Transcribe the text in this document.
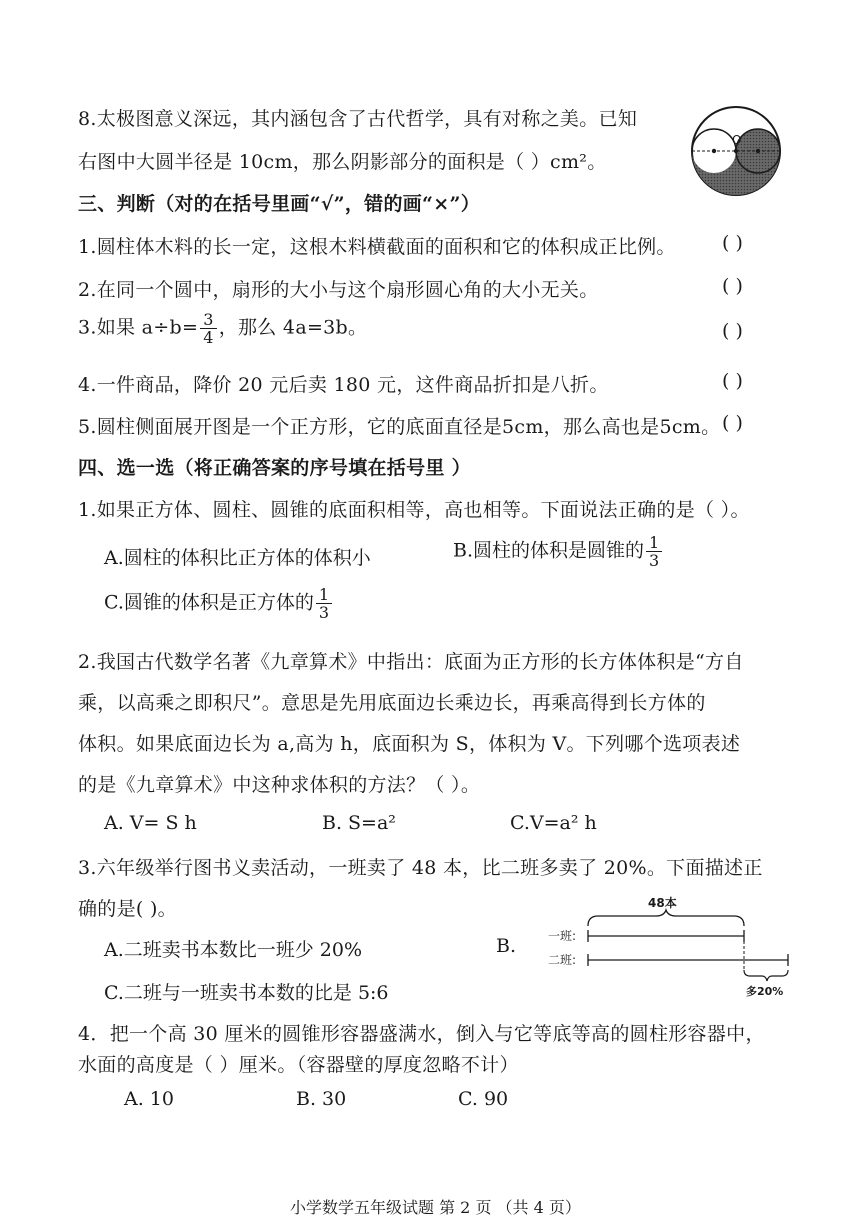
8.太极图意义深远，其内涵包含了古代哲学，具有对称之美。已知
右图中大圆半径是 10cm，那么阴影部分的面积是（ ）cm²。
O
三、判断（对的在括号里画“√”，错的画“×”）
1.圆柱体木料的长一定，这根木料横截面的面积和它的体积成正比例。 ( )
2.在同一个圆中，扇形的大小与这个扇形圆心角的大小无关。	( )
3.如果 $a\div b= \frac{3}{4}$ ，那么 4a=3b。	( )
4.一件商品，降价 20 元后卖 180 元，这件商品折扣是八折。	( )
5.圆柱侧面展开图是一个正方形，它的底面直径是5cm，那么高也是5cm。 ( )
四、选一选（将正确答案的序号填在括号里 ）
1.如果正方体、圆柱、圆锥的底面积相等，高也相等。下面说法正确的是（ ）。
A.圆柱的体积比正方体的体积小	B.圆柱的体积是圆锥的 $\frac{1}{3}$
C.圆锥的体积是正方体的 $\frac{1}{3}$
2.我国古代数学名著《九章算术》中指出：底面为正方形的长方体体积是“方自
乘，以高乘之即积尺”。意思是先用底面边长乘边长，再乘高得到长方体的
体积。如果底面边长为 a,高为 h，底面积为 S，体积为 V。下列哪个选项表述
的是《九章算术》中这种求体积的方法？（ ）。
A. V= S h	B. S=a²	C.V=a² h
3.六年级举行图书义卖活动，一班卖了 48 本，比二班多卖了 20%。下面描述正
确的是( )。
A.二班卖书本数比一班少 20%	B.
C.二班与一班卖书本数的比是 5:6
48本
一班:
二班:
多20%
4．把一个高 30 厘米的圆锥形容器盛满水，倒入与它等底等高的圆柱形容器中，
水面的高度是（ ）厘米。（容器壁的厚度忽略不计）
A. 10	B. 30	C. 90
小学数学五年级试题 第 2 页 （共 4 页）
